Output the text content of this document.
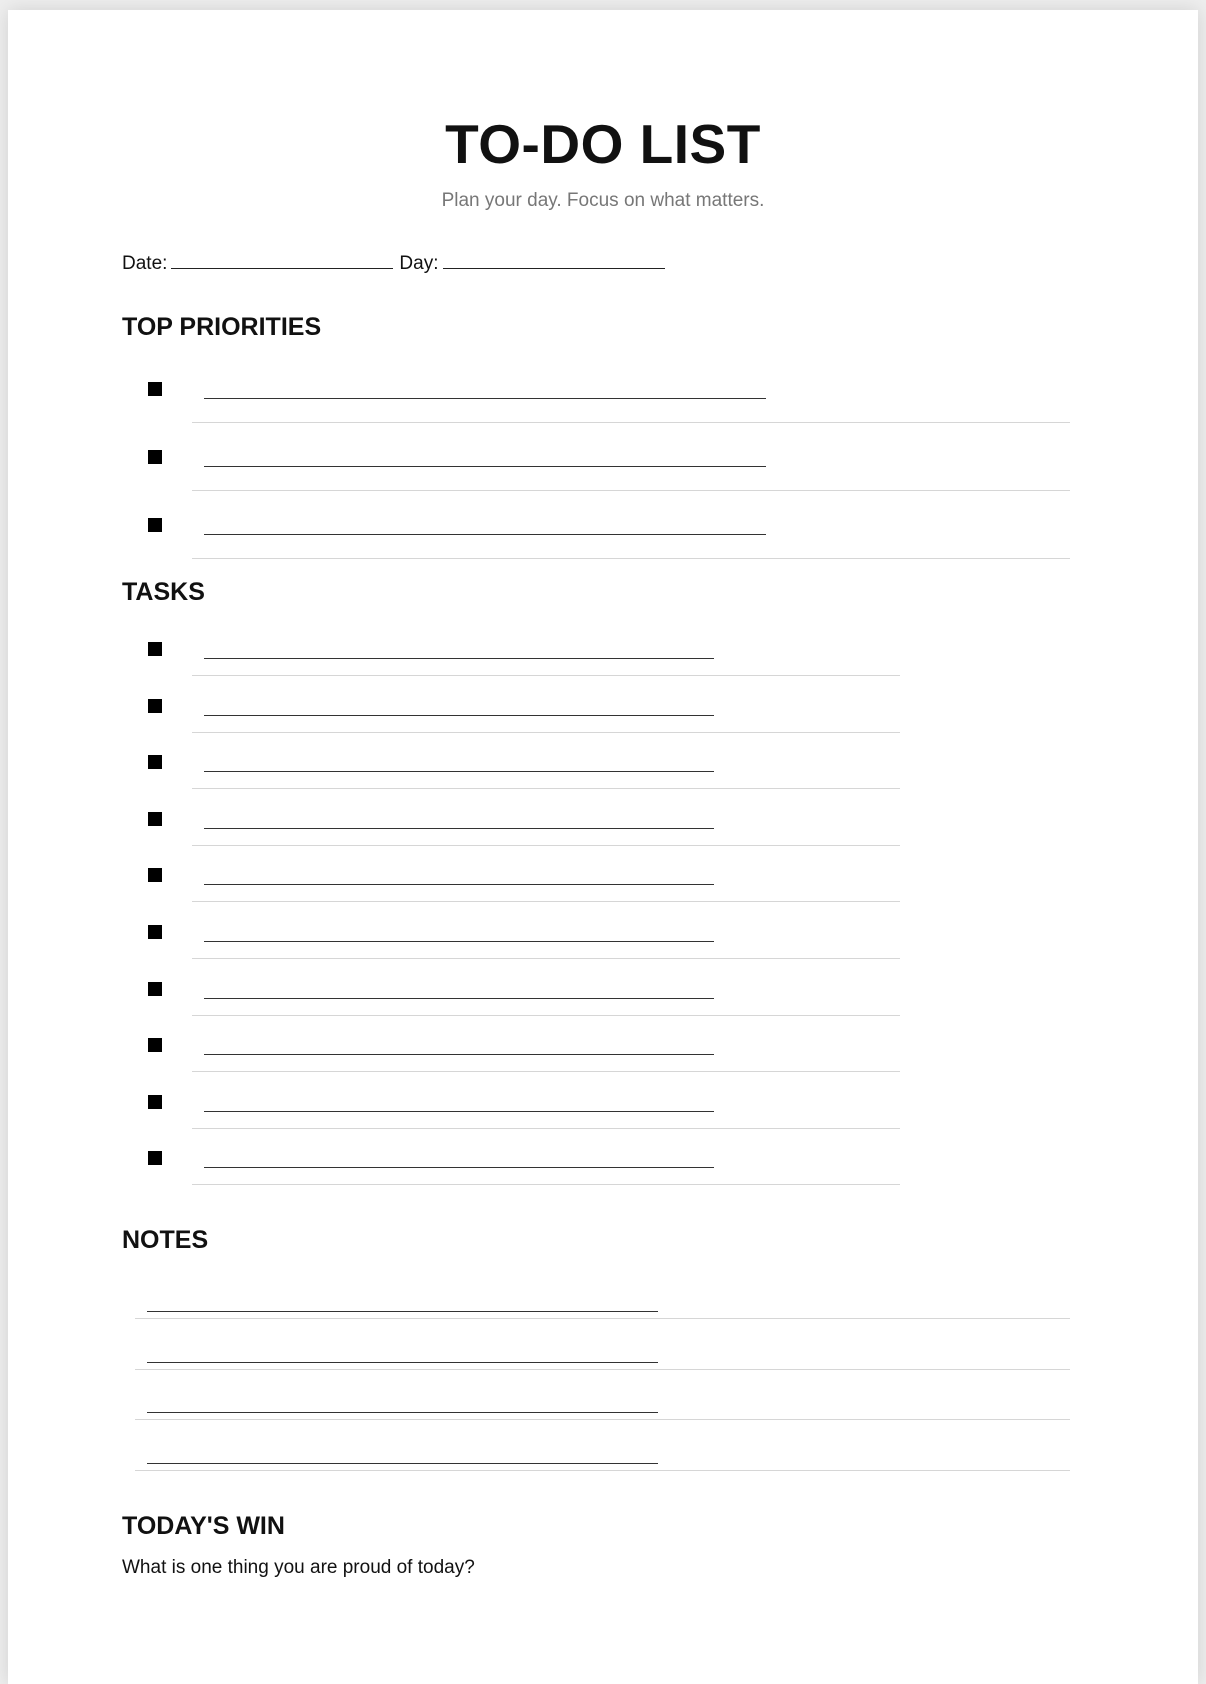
TO-DO LIST
Plan your day. Focus on what matters.
Date:	Day:
TOP PRIORITIES
TASKS
NOTES
TODAY'S WIN
What is one thing you are proud of today?
